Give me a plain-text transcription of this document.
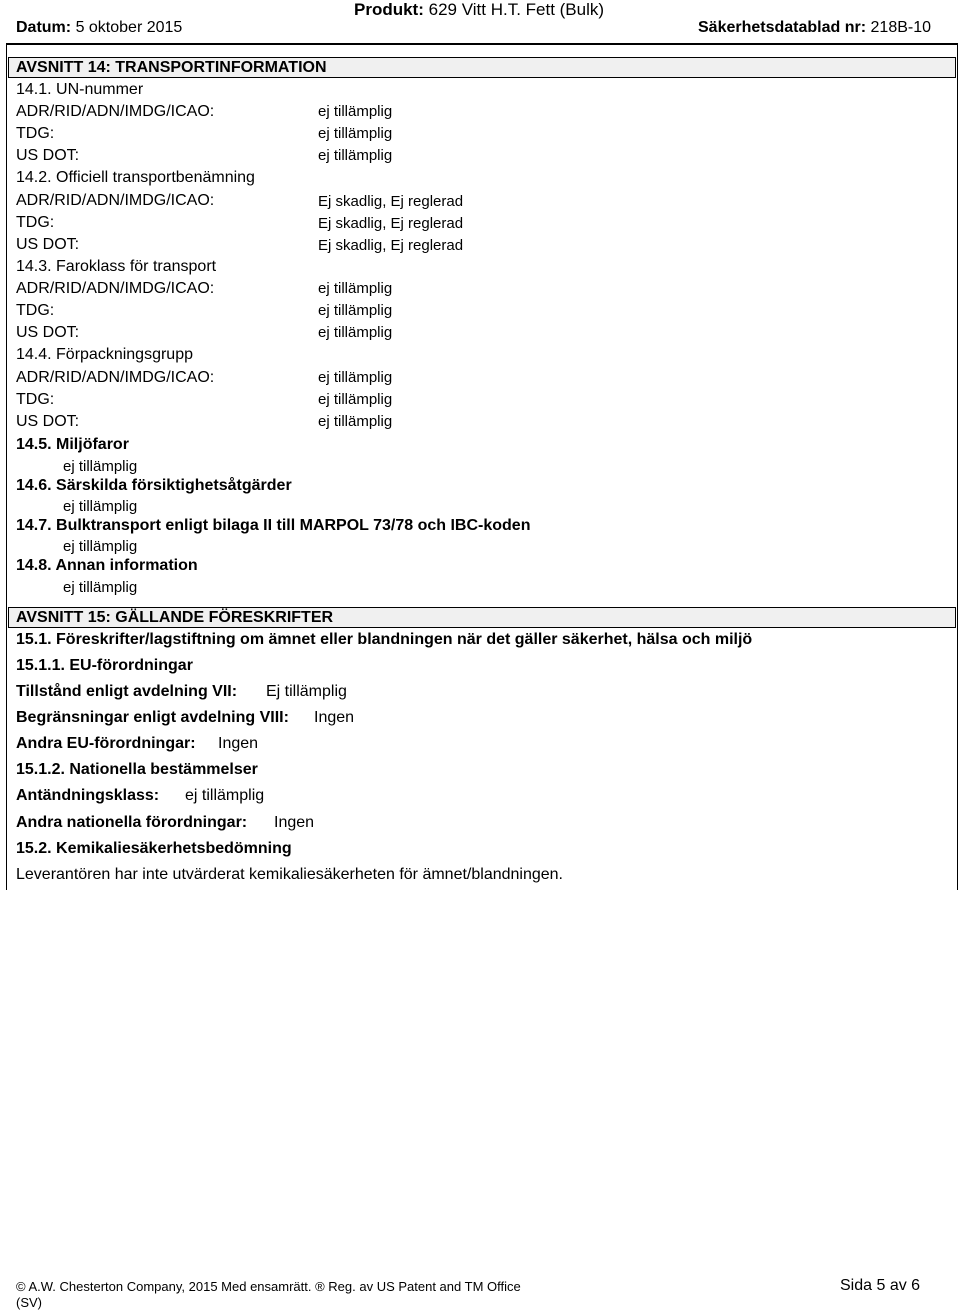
Produkt: 629 Vitt H.T. Fett (Bulk)
Datum: 5 oktober 2015	Säkerhetsdatablad nr: 218B-10
AVSNITT 14: TRANSPORTINFORMATION
14.1. UN-nummer
ADR/RID/ADN/IMDG/ICAO:	ej tillämplig
TDG:	ej tillämplig
US DOT:	ej tillämplig
14.2. Officiell transportbenämning
ADR/RID/ADN/IMDG/ICAO:	Ej skadlig, Ej reglerad
TDG:	Ej skadlig, Ej reglerad
US DOT:	Ej skadlig, Ej reglerad
14.3. Faroklass för transport
ADR/RID/ADN/IMDG/ICAO:	ej tillämplig
TDG:	ej tillämplig
US DOT:	ej tillämplig
14.4. Förpackningsgrupp
ADR/RID/ADN/IMDG/ICAO:	ej tillämplig
TDG:	ej tillämplig
US DOT:	ej tillämplig
14.5. Miljöfaror
ej tillämplig
14.6. Särskilda försiktighetsåtgärder
ej tillämplig
14.7. Bulktransport enligt bilaga II till MARPOL 73/78 och IBC-koden
ej tillämplig
14.8. Annan information
ej tillämplig
AVSNITT 15: GÄLLANDE FÖRESKRIFTER
15.1. Föreskrifter/lagstiftning om ämnet eller blandningen när det gäller säkerhet, hälsa och miljö
15.1.1. EU-förordningar
Tillstånd enligt avdelning VII: Ej tillämplig
Begränsningar enligt avdelning VIII: Ingen
Andra EU-förordningar: Ingen
15.1.2. Nationella bestämmelser
Antändningsklass: ej tillämplig
Andra nationella förordningar: Ingen
15.2. Kemikaliesäkerhetsbedömning
Leverantören har inte utvärderat kemikaliesäkerheten för ämnet/blandningen.
© A.W. Chesterton Company, 2015 Med ensamrätt. ® Reg. av US Patent and TM Office
(SV)
Sida 5 av 6
